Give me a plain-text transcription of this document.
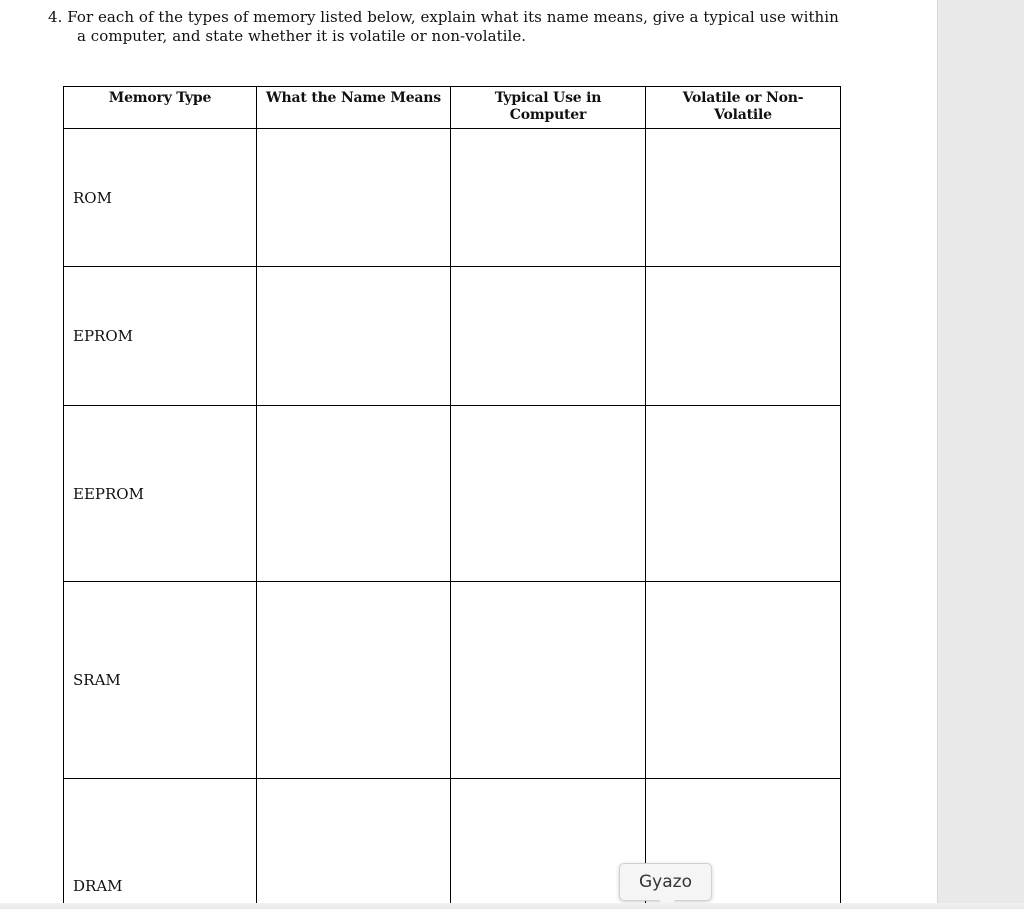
4. For each of the types of memory listed below, explain what its name means, give a typical use within
a computer, and state whether it is volatile or non-volatile.
Memory Type	What the Name Means	Typical Use in Computer	Volatile or Non-Volatile
ROM			
EPROM			
EEPROM			
SRAM			
DRAM				Gyazo
